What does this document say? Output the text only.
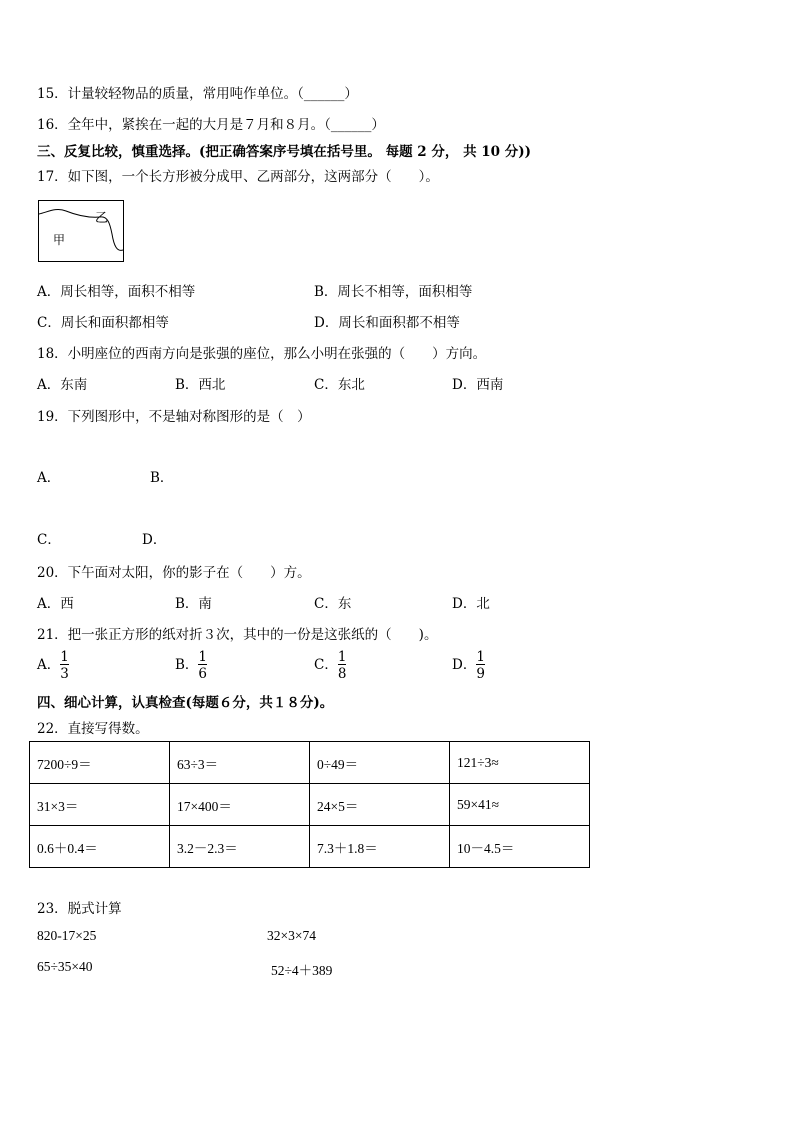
15．计量较轻物品的质量，常用吨作单位。（______）
16．全年中，紧挨在一起的大月是７月和８月。（______）
三、反复比较，慎重选择。(把正确答案序号填在括号里。 每题 2 分， 共 10 分))
17．如下图，一个长方形被分成甲、乙两部分，这两部分（　　）。
甲
乙
A．周长相等，面积不相等	B．周长不相等，面积相等
C．周长和面积都相等	D．周长和面积都不相等
18．小明座位的西南方向是张强的座位，那么小明在张强的（　　）方向。
A．东南	B．西北	C．东北	D．西南
19．下列图形中，不是轴对称图形的是（　）
A．	B．
C．	D．
20．下午面对太阳，你的影子在（　　）方。
A．西	B．南	C．东	D．北
21．把一张正方形的纸对折３次，其中的一份是这张纸的（　　)。
A． $\frac{1}{3}$	B． $\frac{1}{6}$	C． $\frac{1}{8}$	D． $\frac{1}{9}$
四、细心计算，认真检查(每题６分，共１８分)。
22．直接写得数。
7200÷9＝	63÷3＝	0÷49＝	121÷3≈
31×3＝	17×400＝	24×5＝	59×41≈
0.6＋0.4＝	3.2－2.3＝	7.3＋1.8＝	10－4.5＝
23．脱式计算
820-17×25	32×3×74
65÷35×40	52÷4＋389
